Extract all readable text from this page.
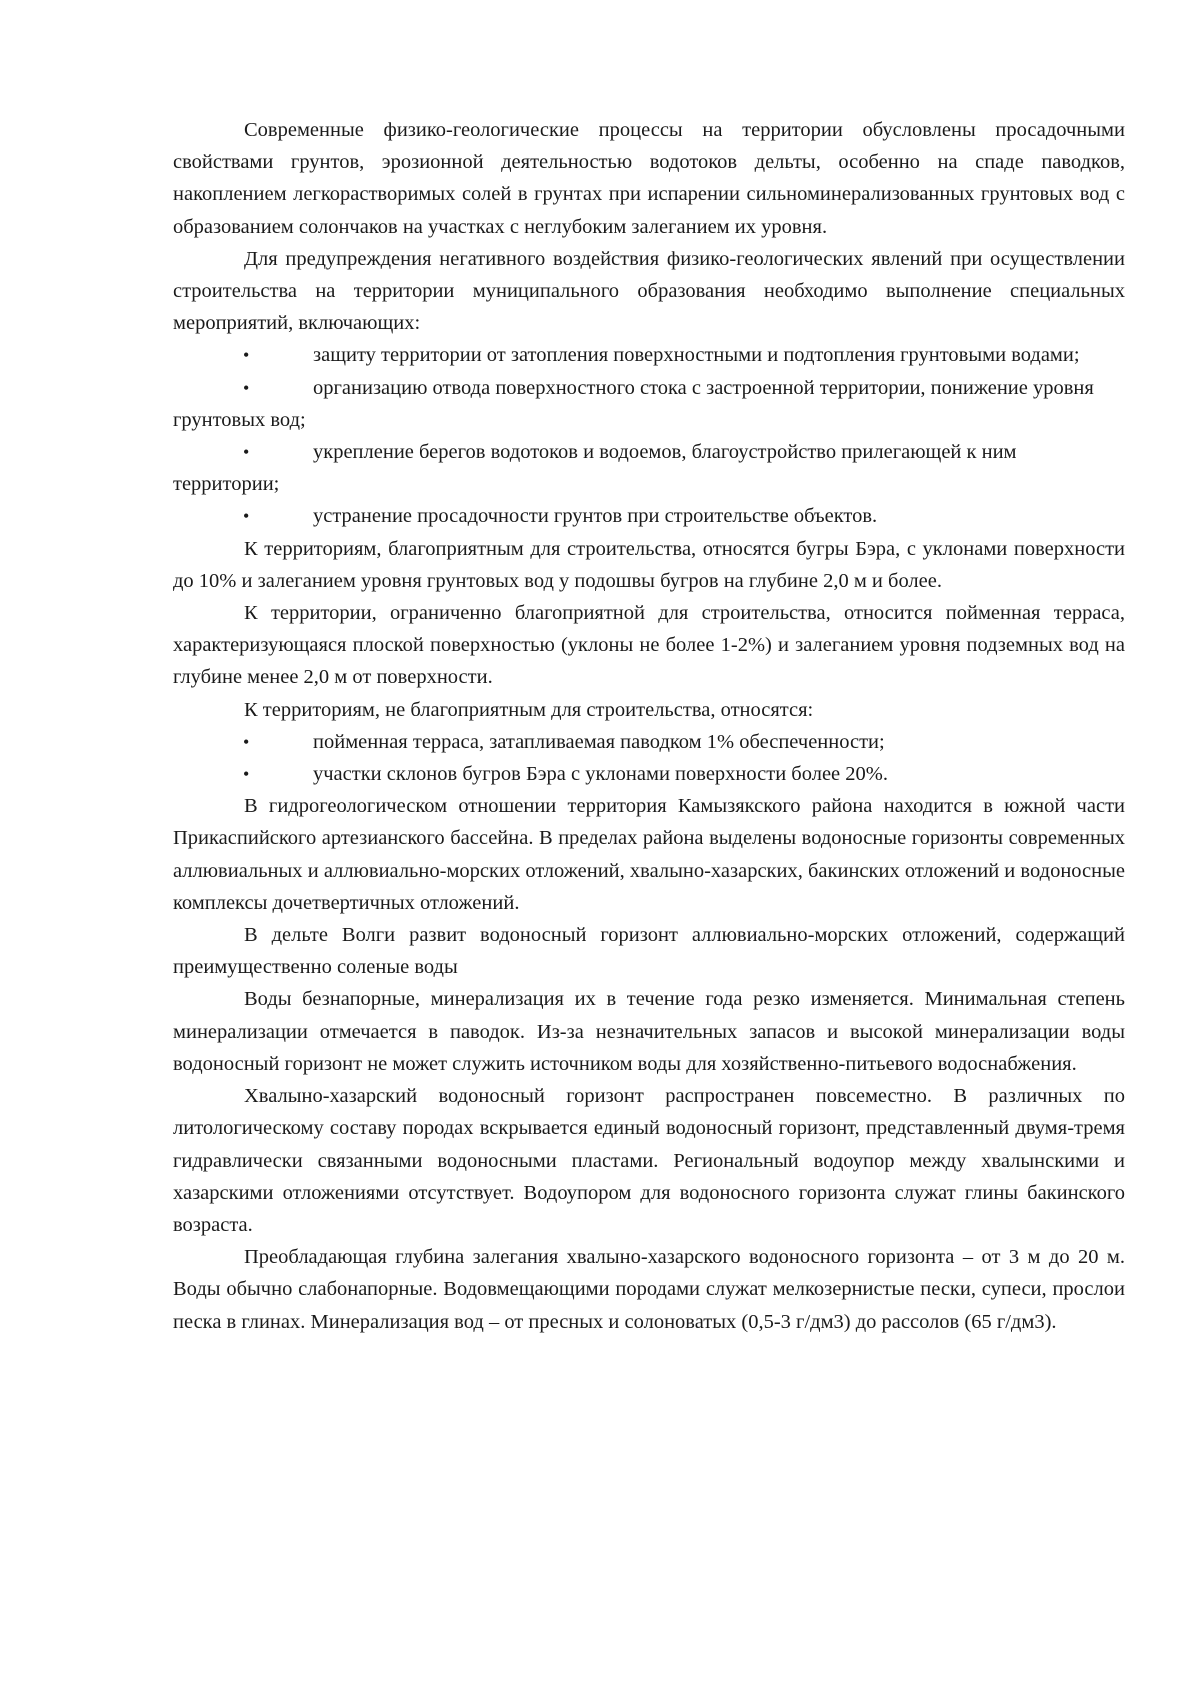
Современные физико-геологические процессы на территории обусловлены просадочными свойствами грунтов, эрозионной деятельностью водотоков дельты, особенно на спаде паводков, накоплением легкорастворимых солей в грунтах при испарении сильноминерализованных грунтовых вод с образованием солончаков на участках с неглубоким залеганием их уровня.

Для предупреждения негативного воздействия физико-геологических явлений при осуществлении строительства на территории муниципального образования необходимо выполнение специальных мероприятий, включающих:

•	защиту территории от затопления поверхностными и подтопления грунтовыми водами;

•	организацию отвода поверхностного стока с застроенной территории, понижение уровня грунтовых вод;

•	укрепление берегов водотоков и водоемов, благоустройство прилегающей к ним территории;

•	устранение просадочности грунтов при строительстве объектов.

К территориям, благоприятным для строительства, относятся бугры Бэра, с уклонами поверхности до 10% и залеганием уровня грунтовых вод у подошвы бугров на глубине 2,0 м и более.

К территории, ограниченно благоприятной для строительства, относится пойменная терраса, характеризующаяся плоской поверхностью (уклоны не более 1-2%) и залеганием уровня подземных вод на глубине менее 2,0 м от поверхности.

К территориям, не благоприятным для строительства, относятся:

•	пойменная терраса, затапливаемая паводком 1% обеспеченности;

•	участки склонов бугров Бэра с уклонами поверхности более 20%.

В гидрогеологическом отношении территория Камызякского района находится в южной части Прикаспийского артезианского бассейна. В пределах района выделены водоносные горизонты современных аллювиальных и аллювиально-морских отложений, хвалыно-хазарских, бакинских отложений и водоносные комплексы дочетвертичных отложений.

В дельте Волги развит водоносный горизонт аллювиально-морских отложений, содержащий преимущественно соленые воды

Воды безнапорные, минерализация их в течение года резко изменяется. Минимальная степень минерализации отмечается в паводок. Из-за незначительных запасов и высокой минерализации воды водоносный горизонт не может служить источником воды для хозяйственно-питьевого водоснабжения.

Хвалыно-хазарский водоносный горизонт распространен повсеместно. В различных по литологическому составу породах вскрывается единый водоносный горизонт, представленный двумя-тремя гидравлически связанными водоносными пластами. Региональный водоупор между хвалынскими и хазарскими отложениями отсутствует. Водоупором для водоносного горизонта служат глины бакинского возраста.

Преобладающая глубина залегания хвалыно-хазарского водоносного горизонта – от 3 м до 20 м. Воды обычно слабонапорные. Водовмещающими породами служат мелкозернистые пески, супеси, прослои песка в глинах. Минерализация вод – от пресных и солоноватых (0,5-3 г/дм3) до рассолов (65 г/дм3).
